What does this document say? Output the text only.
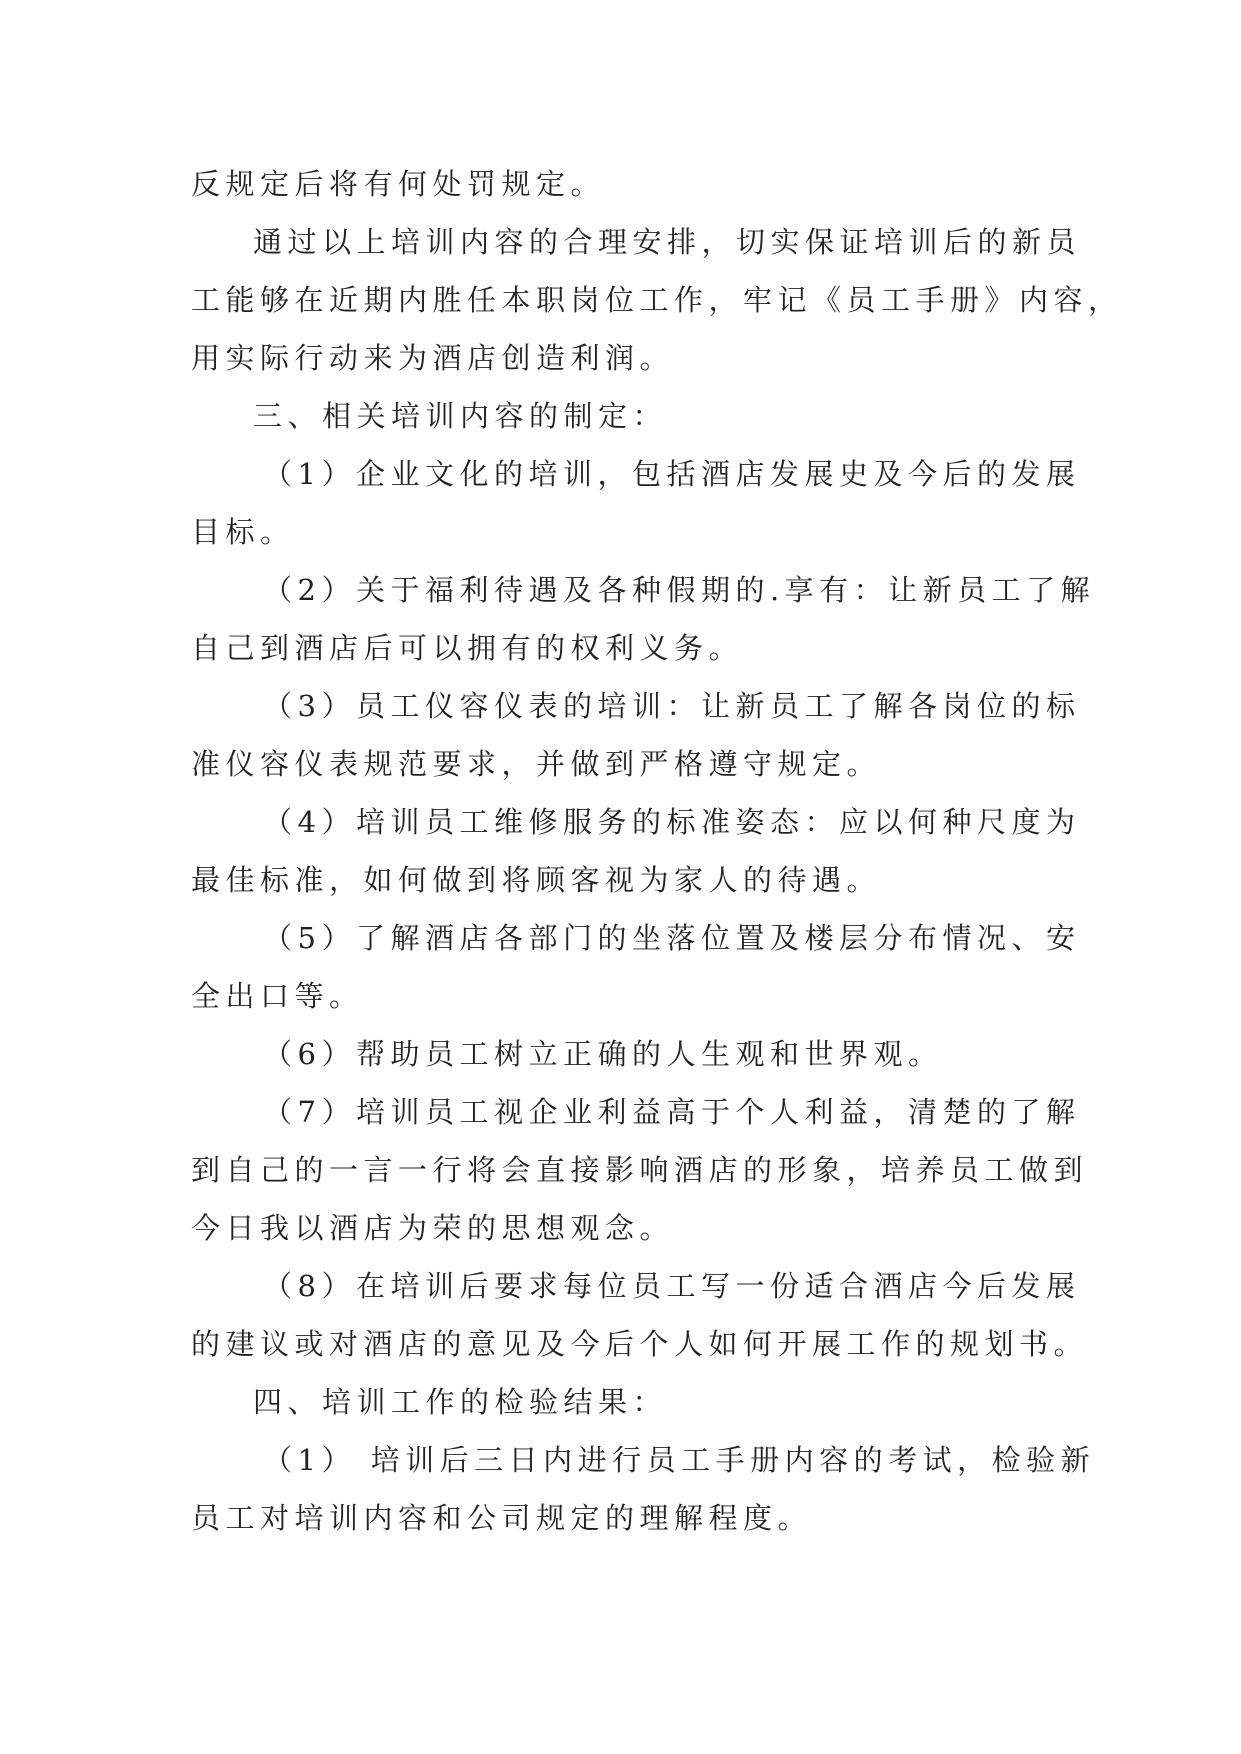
反规定后将有何处罚规定。
通过以上培训内容的合理安排，切实保证培训后的新员
工能够在近期内胜任本职岗位工作，牢记《员工手册》内容，
用实际行动来为酒店创造利润。
三、相关培训内容的制定：
（1）企业文化的培训，包括酒店发展史及今后的发展
目标。
（2）关于福利待遇及各种假期的.享有：让新员工了解
自己到酒店后可以拥有的权利义务。
（3）员工仪容仪表的培训：让新员工了解各岗位的标
准仪容仪表规范要求，并做到严格遵守规定。
（4）培训员工维修服务的标准姿态：应以何种尺度为
最佳标准，如何做到将顾客视为家人的待遇。
（5）了解酒店各部门的坐落位置及楼层分布情况、安
全出口等。
（6）帮助员工树立正确的人生观和世界观。
（7）培训员工视企业利益高于个人利益，清楚的了解
到自己的一言一行将会直接影响酒店的形象，培养员工做到
今日我以酒店为荣的思想观念。
（8）在培训后要求每位员工写一份适合酒店今后发展
的建议或对酒店的意见及今后个人如何开展工作的规划书。
四、培训工作的检验结果：
（1） 培训后三日内进行员工手册内容的考试，检验新
员工对培训内容和公司规定的理解程度。
